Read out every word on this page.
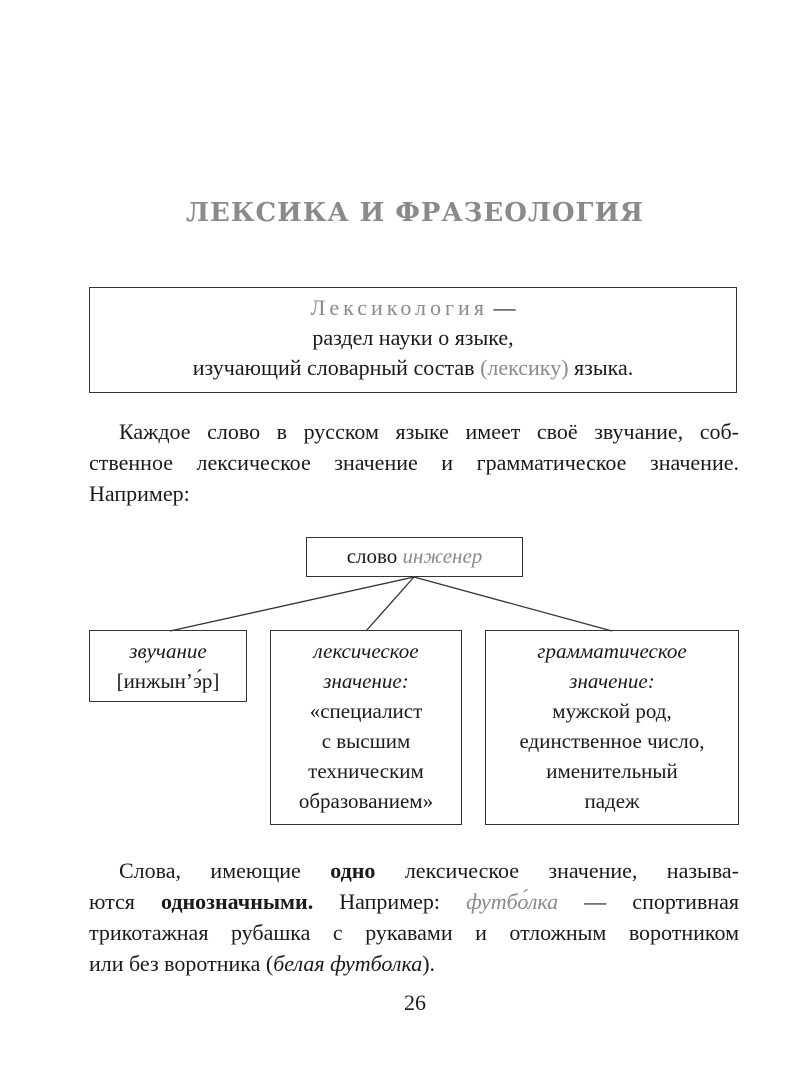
ЛЕКСИКА И ФРАЗЕОЛОГИЯ
Лексикология —
раздел науки о языке,
изучающий словарный состав (лексику) языка.
Каждое слово в русском языке имеет своё звучание, соб-
ственное лексическое значение и грамматическое значение.
Например:
слово инженер
звучание
[инжын’э́р]
лексическое
значение:
«специалист
с высшим
техническим
образованием»
грамматическое
значение:
мужской род,
единственное число,
именительный
падеж
Слова, имеющие одно лексическое значение, называ-
ются однозначными. Например: футбо́лка — спортивная
трикотажная рубашка с рукавами и отложным воротником
или без воротника (белая футболка).
26
